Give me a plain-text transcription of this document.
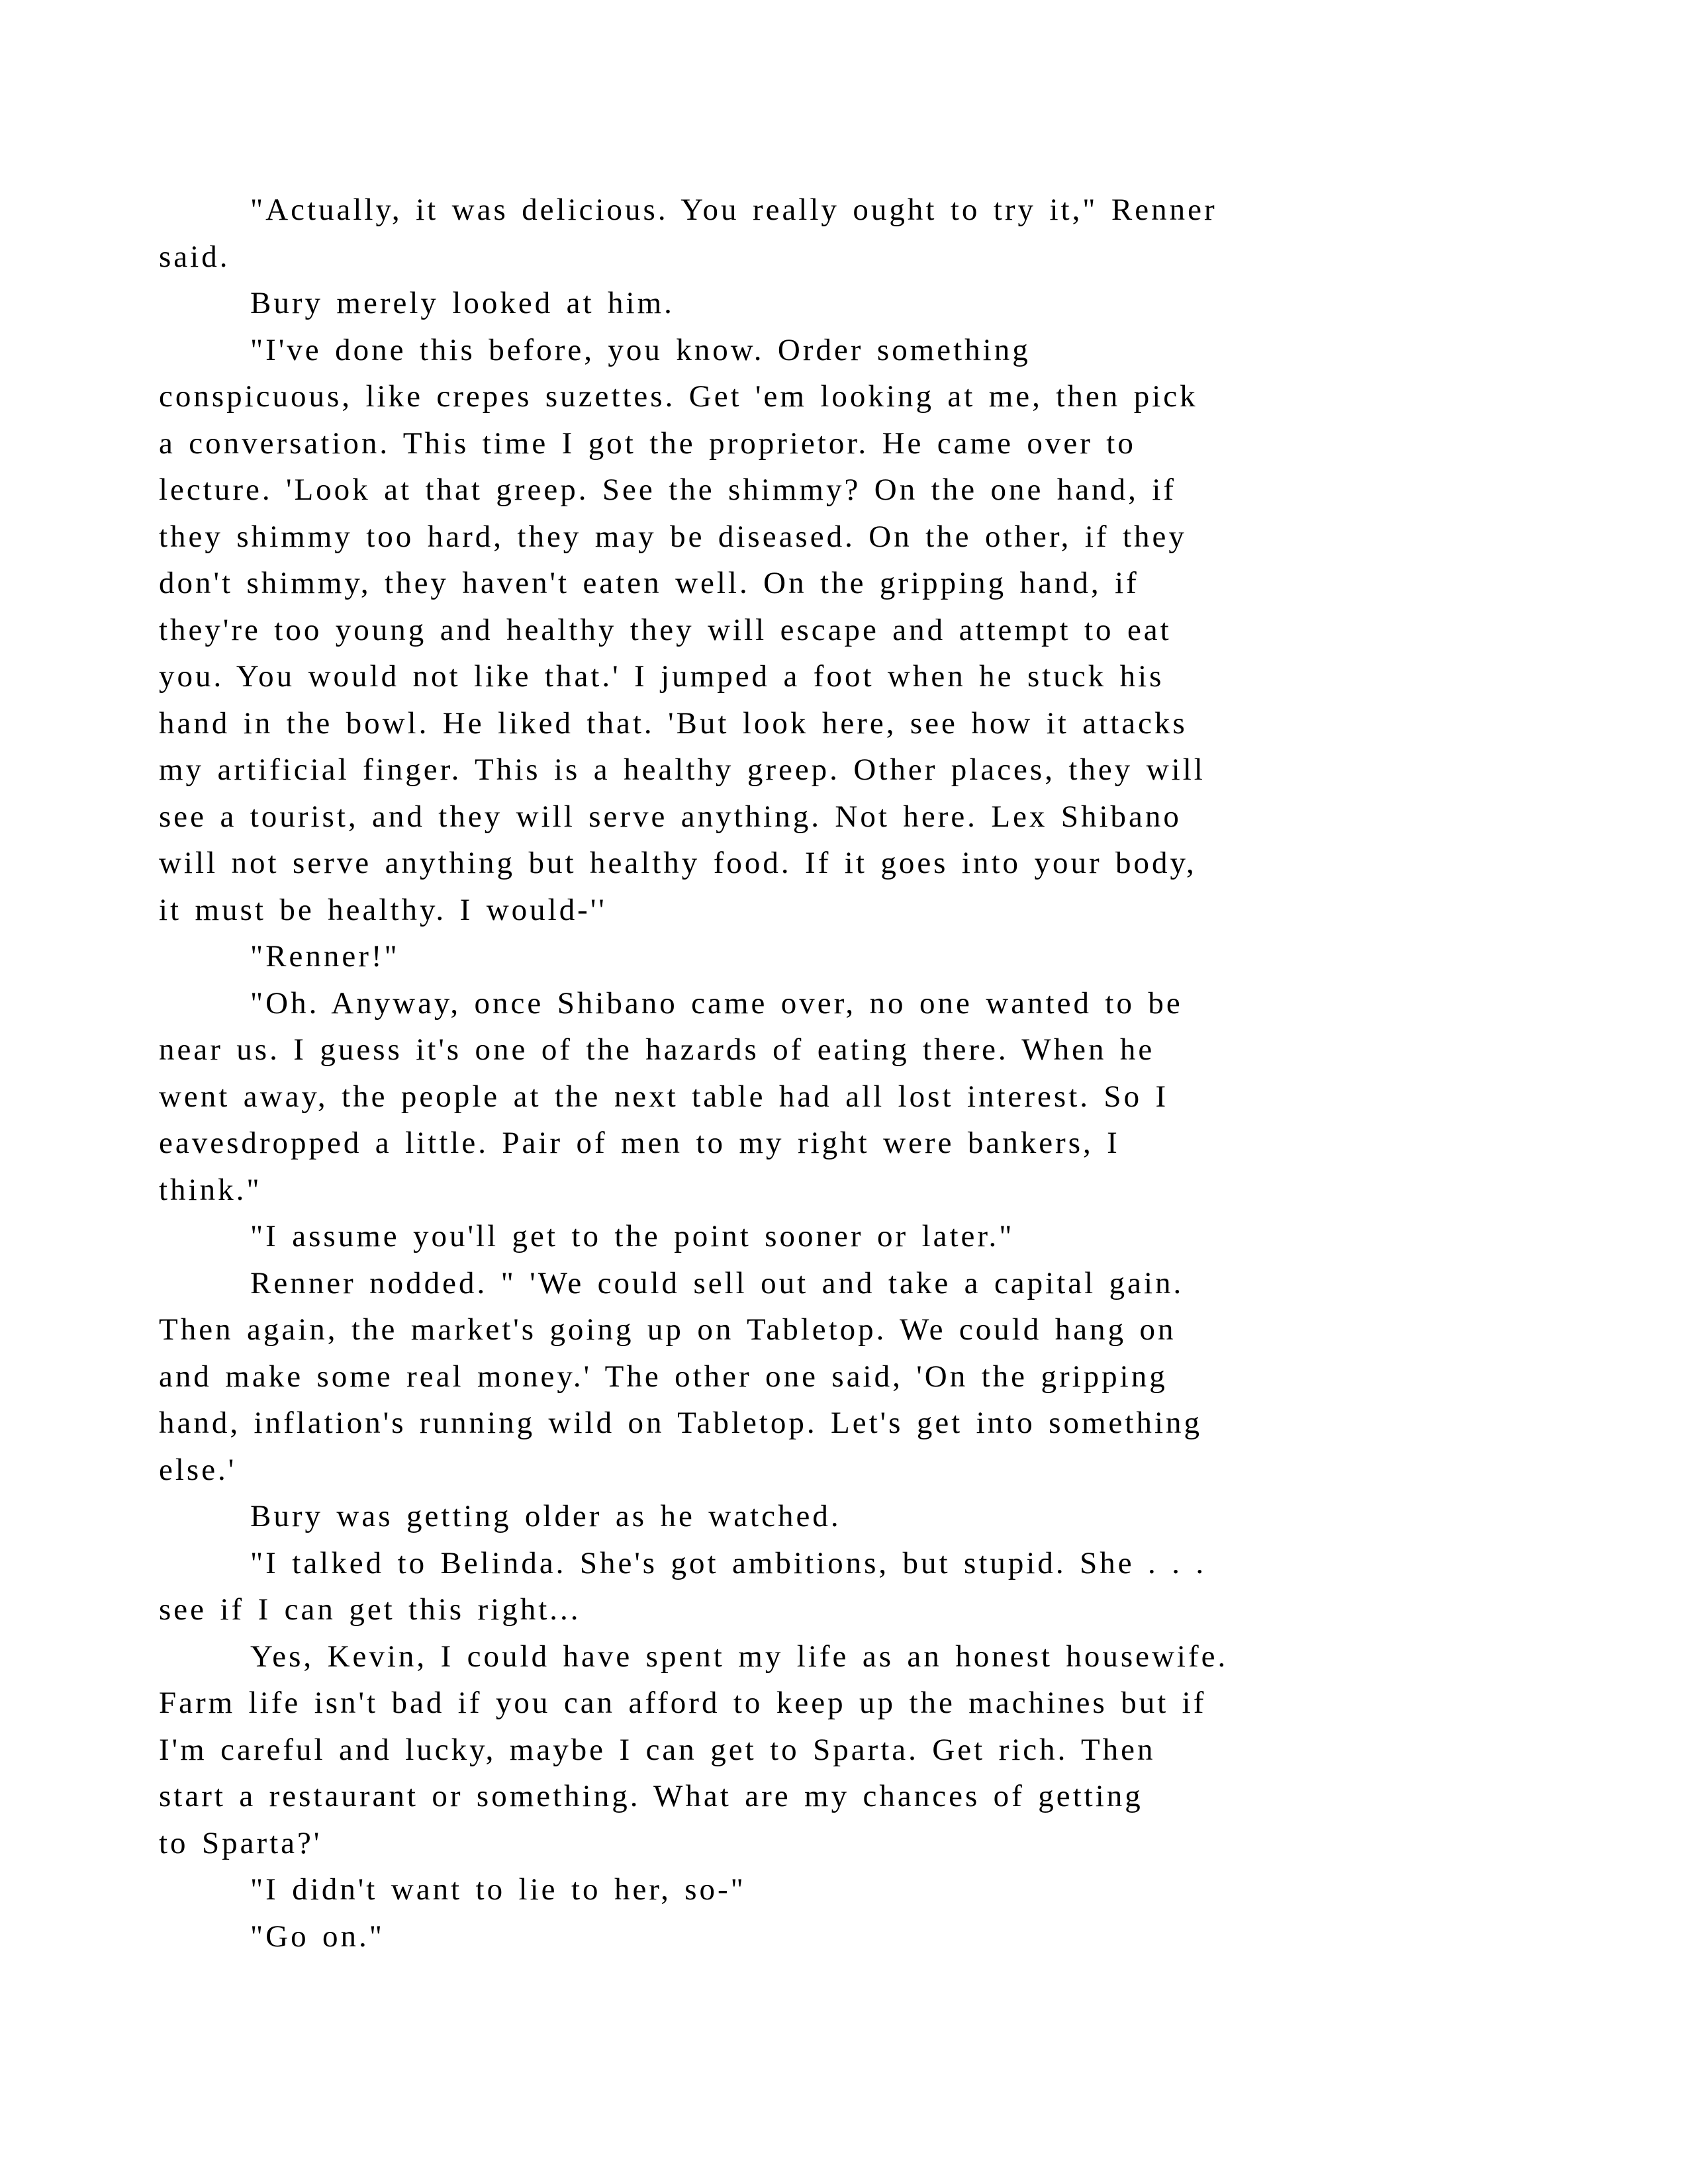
"Actually, it was delicious. You really ought to try it," Renner
said.
Bury merely looked at him.
"I've done this before, you know. Order something
conspicuous, like crepes suzettes. Get 'em looking at me, then pick
a conversation. This time I got the proprietor. He came over to
lecture. 'Look at that greep. See the shimmy? On the one hand, if
they shimmy too hard, they may be diseased. On the other, if they
don't shimmy, they haven't eaten well. On the gripping hand, if
they're too young and healthy they will escape and attempt to eat
you. You would not like that.' I jumped a foot when he stuck his
hand in the bowl. He liked that. 'But look here, see how it attacks
my artificial finger. This is a healthy greep. Other places, they will
see a tourist, and they will serve anything. Not here. Lex Shibano
will not serve anything but healthy food. If it goes into your body,
it must be healthy. I would-''
"Renner!"
"Oh. Anyway, once Shibano came over, no one wanted to be
near us. I guess it's one of the hazards of eating there. When he
went away, the people at the next table had all lost interest. So I
eavesdropped a little. Pair of men to my right were bankers, I
think."
"I assume you'll get to the point sooner or later."
Renner nodded. " 'We could sell out and take a capital gain.
Then again, the market's going up on Tabletop. We could hang on
and make some real money.' The other one said, 'On the gripping
hand, inflation's running wild on Tabletop. Let's get into something
else.'
Bury was getting older as he watched.
"I talked to Belinda. She's got ambitions, but stupid. She . . .
see if I can get this right...
Yes, Kevin, I could have spent my life as an honest housewife.
Farm life isn't bad if you can afford to keep up the machines but if
I'm careful and lucky, maybe I can get to Sparta. Get rich. Then
start a restaurant or something. What are my chances of getting
to Sparta?'
"I didn't want to lie to her, so-"
"Go on."
